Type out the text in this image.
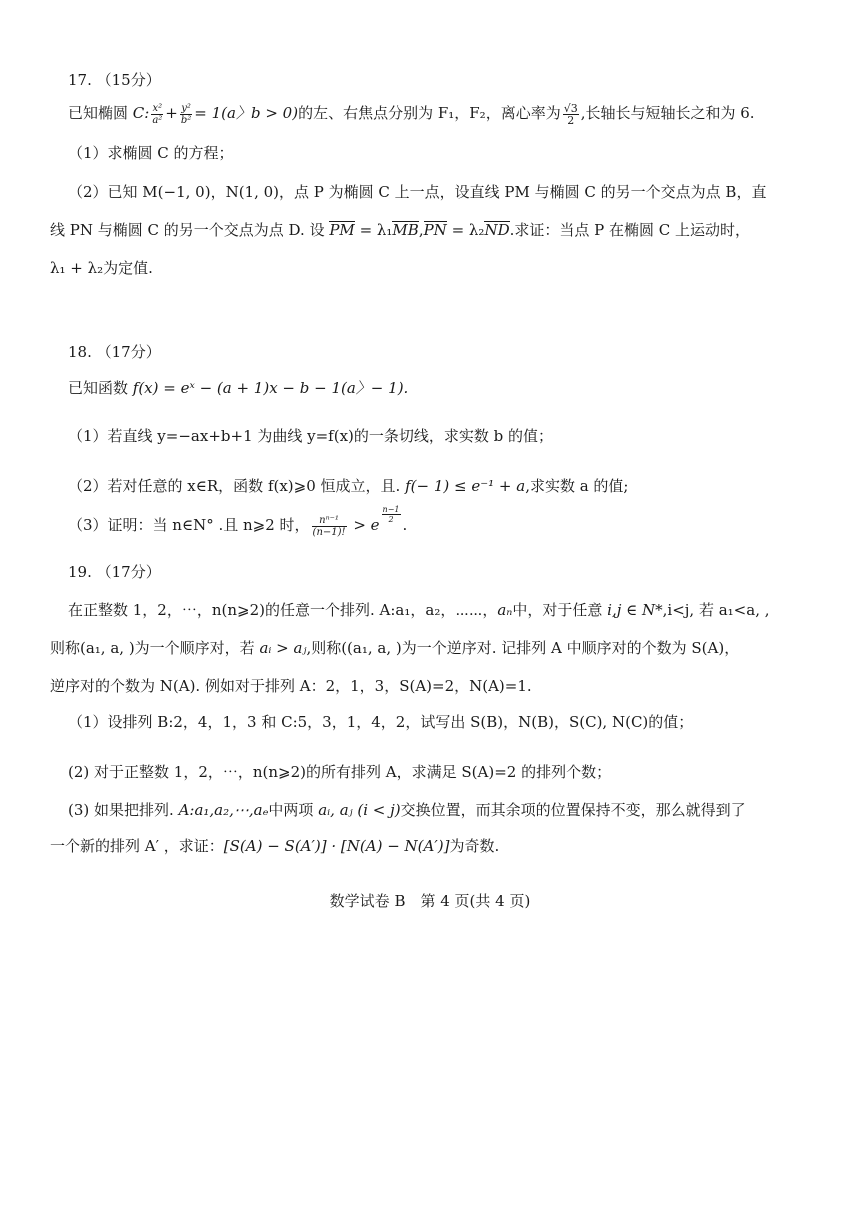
17. （15分）
已知椭圆 C: $\frac{\text{x²}}{\text{a²}} + \frac{\text{y²}}{\text{b²}} = 1(a$〉b > 0)的左、右焦点分别为 F₁，F₂，离心率为 $\frac{√3}{2}$ ,长轴长与短轴长之和为 6.
（1）求椭圆 C 的方程；
（2）已知 M(−1, 0)，N(1, 0)，点 P 为椭圆 C 上一点，设直线 PM 与椭圆 C 的另一个交点为点 B，直
线 PN 与椭圆 C 的另一个交点为点 D. 设 PM = λ₁MB,PN = λ₂ND.求证：当点 P 在椭圆 C 上运动时，
λ₁ + λ₂为定值.
18. （17分）
已知函数 f(x) = eˣ − (a + 1)x − b − 1(a〉− 1).
（1）若直线 y=−ax+b+1 为曲线 y=f(x)的一条切线，求实数 b 的值；
（2）若对任意的 x∈R，函数 f(x)⩾0 恒成立，且. f(− 1) ≤ e⁻¹ + a,求实数 a 的值;
（3）证明：当 n∈N° .且 n⩾2 时， $\frac{\text{nⁿ⁻¹}}{(n-1)!} > e$
$\frac{n-1}{2}$
.
19. （17分）
在正整数 1，2，⋯，n(n⩾2)的任意一个排列. A:a₁，a₂，⋯⋯，aₙ中，对于任意 i,j ∈ N*,i<j, 若 a₁<a, ,
则称(a₁, a, )为一个顺序对，若 aᵢ > aⱼ,则称((a₁, a, )为一个逆序对. 记排列 A 中顺序对的个数为 S(A)，
逆序对的个数为 N(A). 例如对于排列 A：2，1，3，S(A)=2，N(A)=1.
（1）设排列 B:2，4，1，3 和 C:5，3，1，4，2，试写出 S(B)，N(B)，S(C), N(C)的值；
(2) 对于正整数 1，2，⋯，n(n⩾2)的所有排列 A，求满足 S(A)=2 的排列个数；
(3) 如果把排列. A:a₁,a₂,⋯,aₑ中两项 aᵢ, aⱼ (i < j)交换位置，而其余项的位置保持不变，那么就得到了
一个新的排列 A′ ，求证：[S(A) − S(A′)] · [N(A) − N(A′)]为奇数.
数学试卷 B　第 4 页(共 4 页)
